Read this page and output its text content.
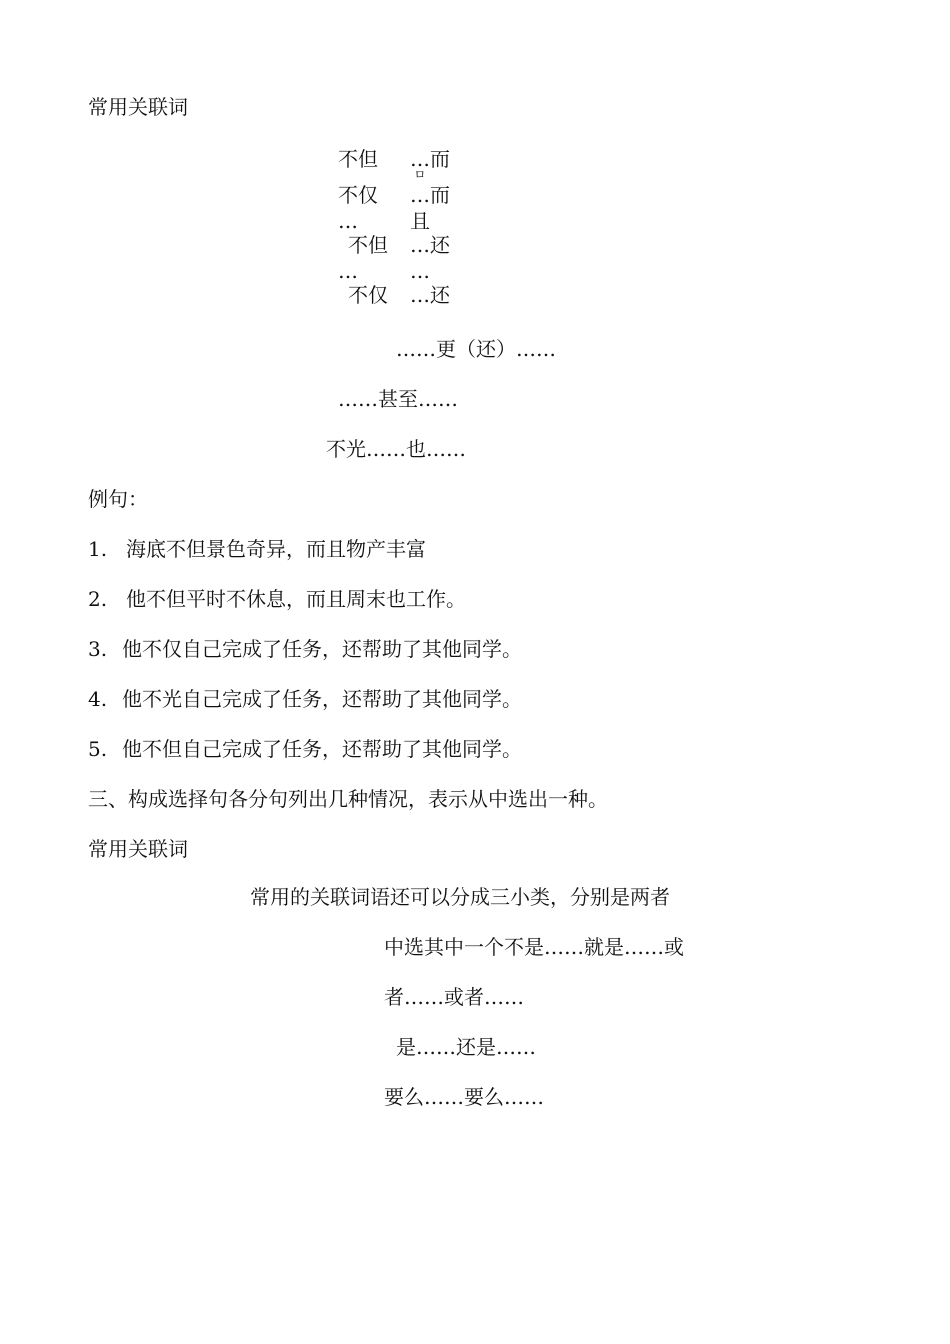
常用关联词
不但
不仅
…
不但
…
不仅
…而
ㅁ
…而
且
…还
…
…还
……更（还）……
……甚至……
不光……也……
例句：
1. 海底不但景色奇异，而且物产丰富
2. 他不但平时不休息，而且周末也工作。
3. 他不仅自己完成了任务，还帮助了其他同学。
4. 他不光自己完成了任务，还帮助了其他同学。
5. 他不但自己完成了任务，还帮助了其他同学。
三、构成选择句各分句列出几种情况，表示从中选出一种。
常用关联词
常用的关联词语还可以分成三小类，分别是两者
中选其中一个不是……就是……或
者……或者……
是……还是……
要么……要么……
